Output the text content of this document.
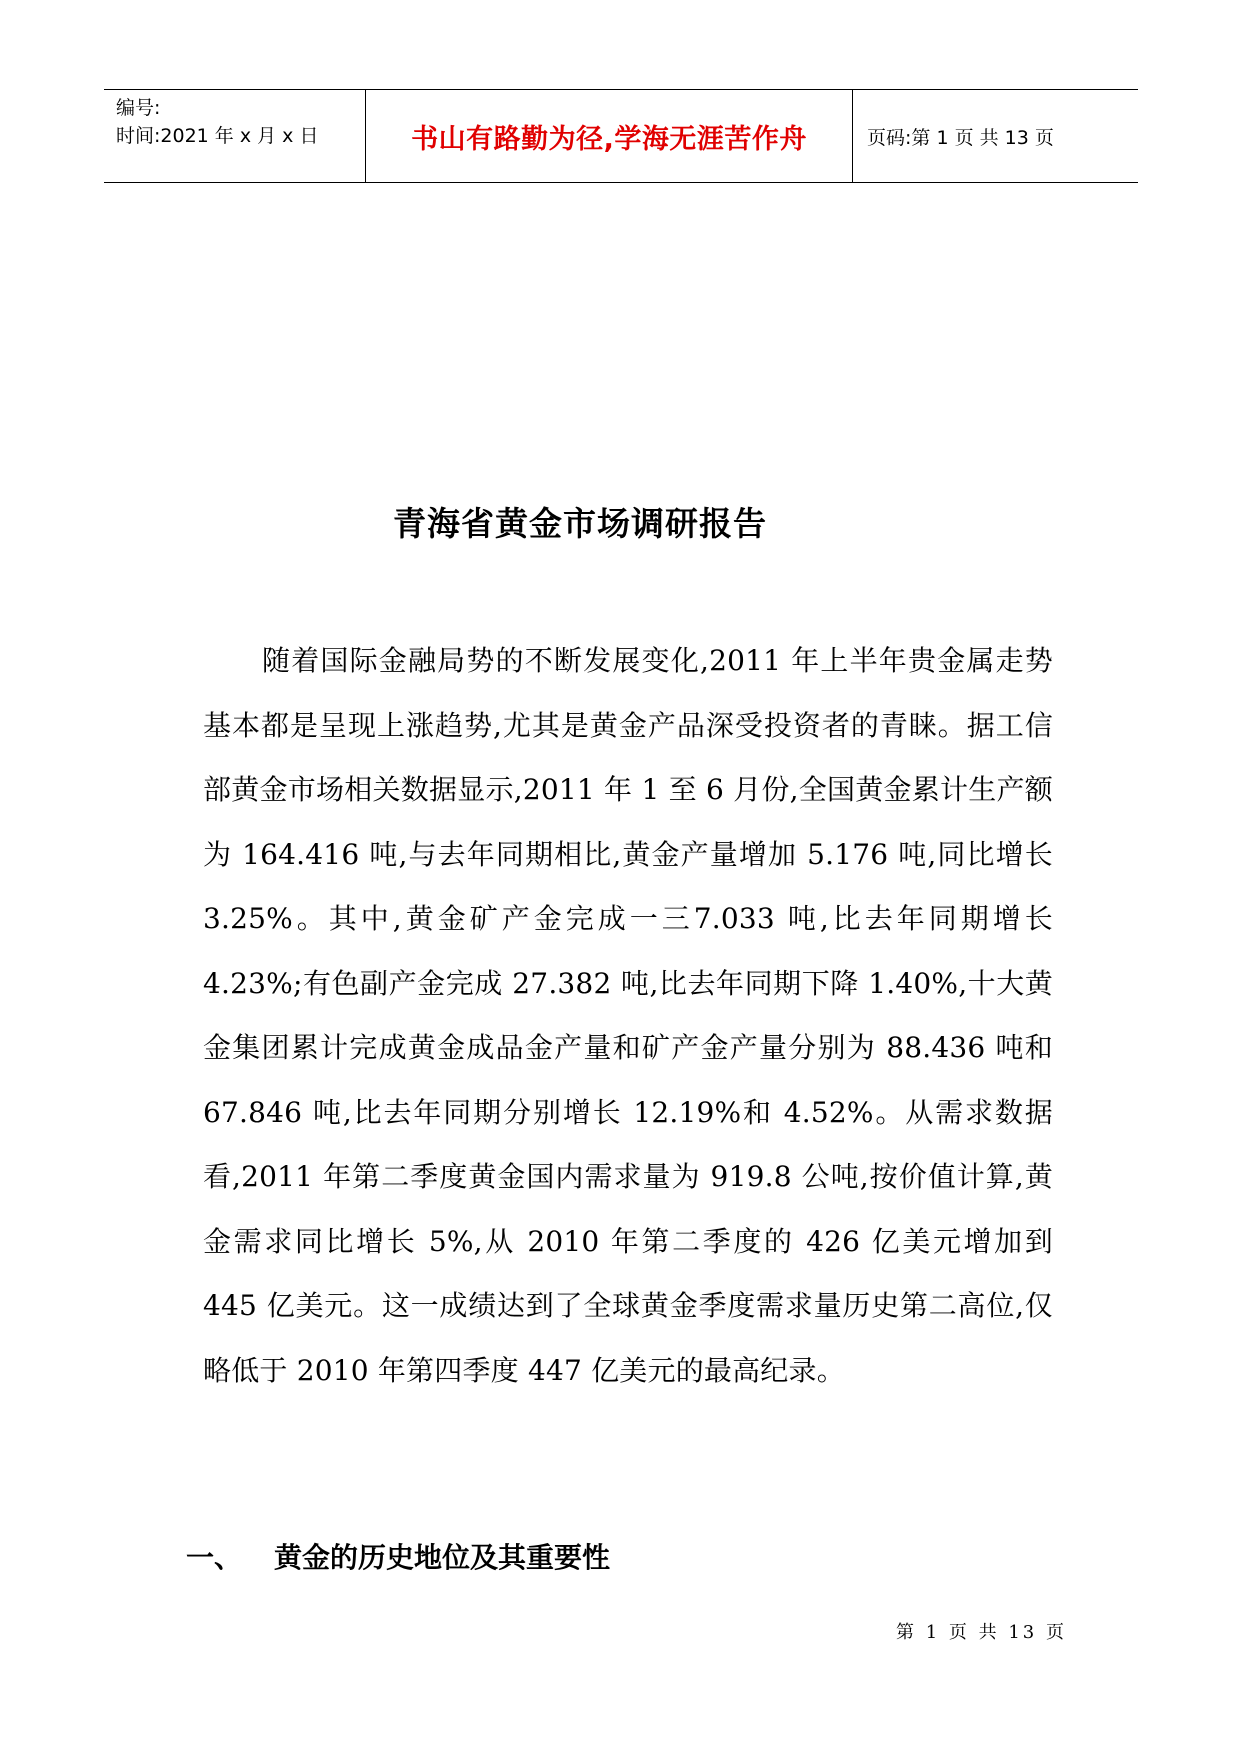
编号:
时间:2021 年 x 月 x 日	书山有路勤为径,学海无涯苦作舟	页码:第 1 页 共 13 页
青海省黄金市场调研报告
随着国际金融局势的不断发展变化,2011 年上半年贵金属走势基本都是呈现上涨趋势,尤其是黄金产品深受投资者的青睐。据工信部黄金市场相关数据显示,2011 年 1 至 6 月份,全国黄金累计生产额为 164.416 吨,与去年同期相比,黄金产量增加 5.176 吨,同比增长 3.25%。其中,黄金矿产金完成一三7.033 吨,比去年同期增长 4.23%;有色副产金完成 27.382 吨,比去年同期下降 1.40%,十大黄金集团累计完成黄金成品金产量和矿产金产量分别为 88.436 吨和 67.846 吨,比去年同期分别增长 12.19%和 4.52%。从需求数据看,2011 年第二季度黄金国内需求量为 919.8 公吨,按价值计算,黄金需求同比增长 5%,从 2010 年第二季度的 426 亿美元增加到 445 亿美元。这一成绩达到了全球黄金季度需求量历史第二高位,仅略低于 2010 年第四季度 447 亿美元的最高纪录。
一、	黄金的历史地位及其重要性
第 1 页 共 13 页
